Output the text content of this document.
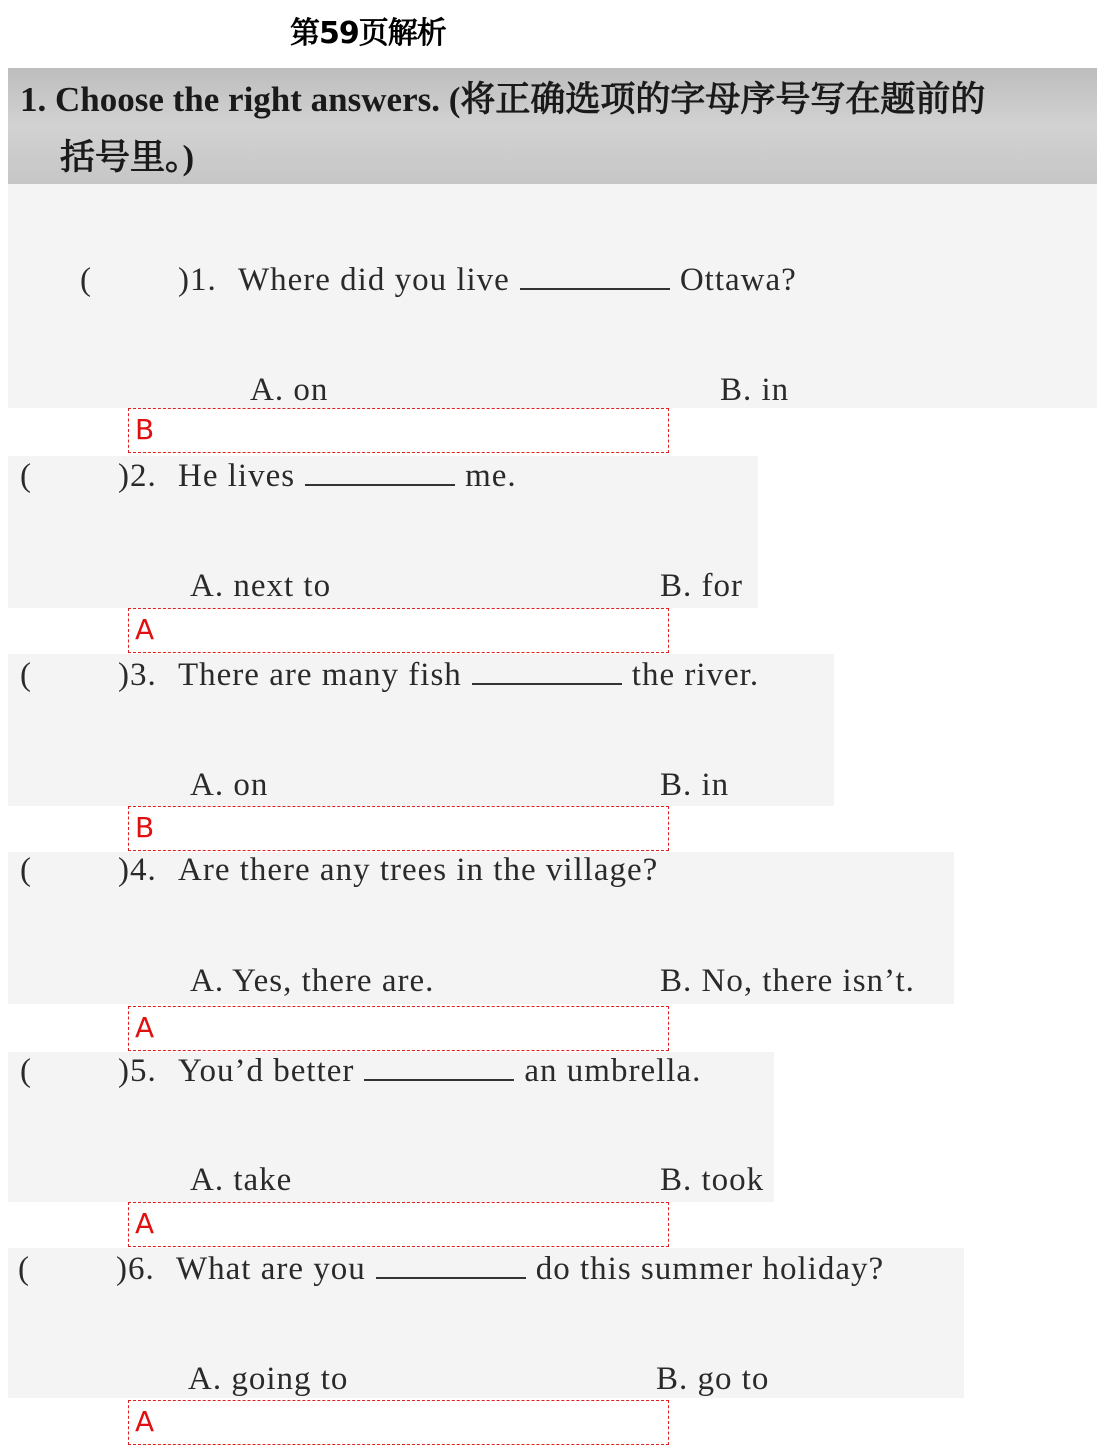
第59页解析
1. Choose the right answers. (将正确选项的字母序号写在题前的
括号里。)
(	)1. Where did you live	Ottawa?
A. on	B. in
B
(	)2. He lives	me.
A. next to	B. for
A
(	)3. There are many fish	the river.
A. on	B. in
B
(	)4. Are there any trees in the village?
A. Yes, there are.	B. No, there isn’t.
A
(	)5. You’d better	an umbrella.
A. take	B. took
A
(	)6. What are you	do this summer holiday?
A. going to	B. go to
A
